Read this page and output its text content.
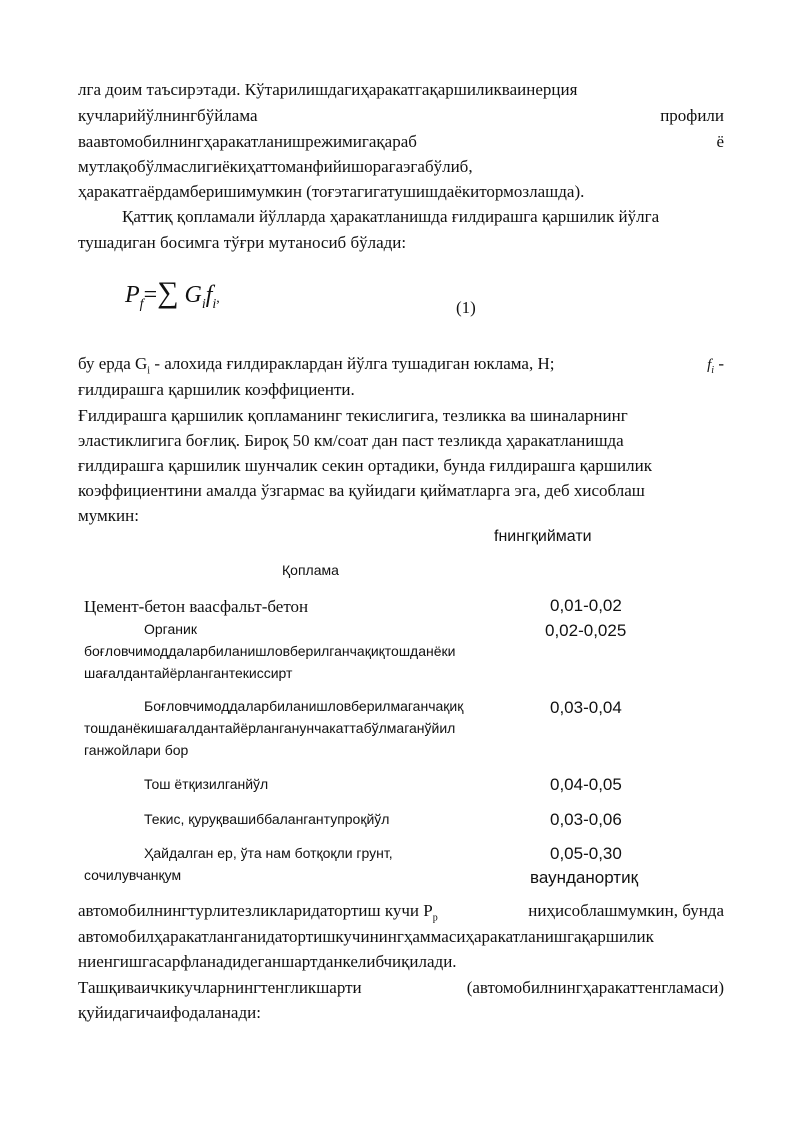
лга доим таъсирэтади. Кўтарилишдагиҳаракатгақаршиликваинерция
кучларийўлнингбўйлама	профили
ваавтомобилнингҳаракатланишрежимигақараб	ё
мутлақобўлмаслигиёкиҳаттоманфийишорагаэгабўлиб,
ҳаракатгаёрдамберишимумкин (тоғэтагигатушишдаёкитормозлашда).
Қаттиқ қопламали йўлларда ҳаракатланишда ғилдирашга қаршилик йўлга
тушадиган босимга тўғри мутаносиб бўлади:
$P_f=\sum$ $G_if_i$,	(1)
бу ерда $G_i$ - алохида ғилдираклардан йўлга тушадиган юклама, Н;	$f_i$ -
ғилдирашга қаршилик коэффициенти.
Ғилдирашга қаршилик қопламанинг текислигига, тезликка ва шиналарнинг
эластиклигига боғлиқ. Бироқ 50 км/соат дан паст тезликда ҳаракатланишда
ғилдирашга қаршилик шунчалик секин ортадики, бунда ғилдирашга қаршилик
коэффициентини амалда ўзгармас ва қуйидаги қийматларга эга, деб хисоблаш
мумкин:
fнингқиймати
Қоплама
Цемент-бетон ваасфальт-бетон	0,01-0,02
Органик
боғловчимоддаларбиланишловберилганчақиқтошданёки
шағалдантайёрлангантекиссирт
0,02-0,025
Боғловчимоддаларбиланишловберилмаганчақиқ
тошданёкишағалдантайёрланганунчакаттабўлмаганўйил
ганжойлари бор
0,03-0,04
Тош ётқизилганйўл	0,04-0,05
Текис, қуруқвашиббалангантупроқйўл	0,03-0,06
Ҳайдалган ер, ўта нам ботқоқли грунт,
сочилувчанқум
0,05-0,30
ваунданортиқ
автомобилнингтурлитезликларидатортиш кучи $Р_р$	ниҳисоблашмумкин, бунда
автомобилҳаракатланганидатортишкучинингҳаммасиҳаракатланишгақаршилик
ниенгишгасарфланадидеганшартданкелибчиқилади.
Ташқиваичкикучларнингтенгликшарти	(автомобилнингҳаракаттенгламаси)
қуйидагичаифодаланади:
